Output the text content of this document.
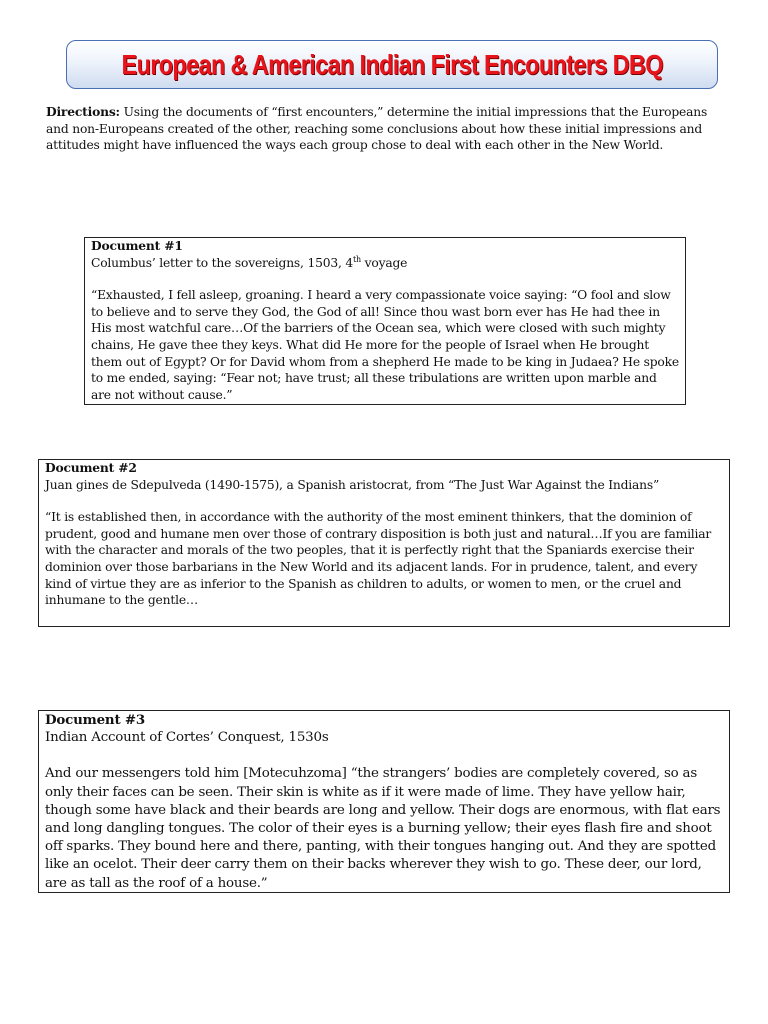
European & American Indian First Encounters DBQ
Directions: Using the documents of “first encounters,” determine the initial impressions that the Europeans and non-Europeans created of the other, reaching some conclusions about how these initial impressions and attitudes might have influenced the ways each group chose to deal with each other in the New World.
Document #1
Columbus’ letter to the sovereigns, 1503, 4th voyage
“Exhausted, I fell asleep, groaning. I heard a very compassionate voice saying: “O fool and slow to believe and to serve they God, the God of all! Since thou wast born ever has He had thee in His most watchful care…Of the barriers of the Ocean sea, which were closed with such mighty chains, He gave thee they keys. What did He more for the people of Israel when He brought them out of Egypt? Or for David whom from a shepherd He made to be king in Judaea? He spoke to me ended, saying: “Fear not; have trust; all these tribulations are written upon marble and are not without cause.”
Document #2
Juan gines de Sdepulveda (1490-1575), a Spanish aristocrat, from “The Just War Against the Indians”
“It is established then, in accordance with the authority of the most eminent thinkers, that the dominion of prudent, good and humane men over those of contrary disposition is both just and natural…If you are familiar with the character and morals of the two peoples, that it is perfectly right that the Spaniards exercise their dominion over those barbarians in the New World and its adjacent lands. For in prudence, talent, and every kind of virtue they are as inferior to the Spanish as children to adults, or women to men, or the cruel and inhumane to the gentle…
Document #3
Indian Account of Cortes’ Conquest, 1530s
And our messengers told him [Motecuhzoma] “the strangers’ bodies are completely covered, so as only their faces can be seen. Their skin is white as if it were made of lime. They have yellow hair, though some have black and their beards are long and yellow. Their dogs are enormous, with flat ears and long dangling tongues. The color of their eyes is a burning yellow; their eyes flash fire and shoot off sparks. They bound here and there, panting, with their tongues hanging out. And they are spotted like an ocelot. Their deer carry them on their backs wherever they wish to go. These deer, our lord, are as tall as the roof of a house.”
